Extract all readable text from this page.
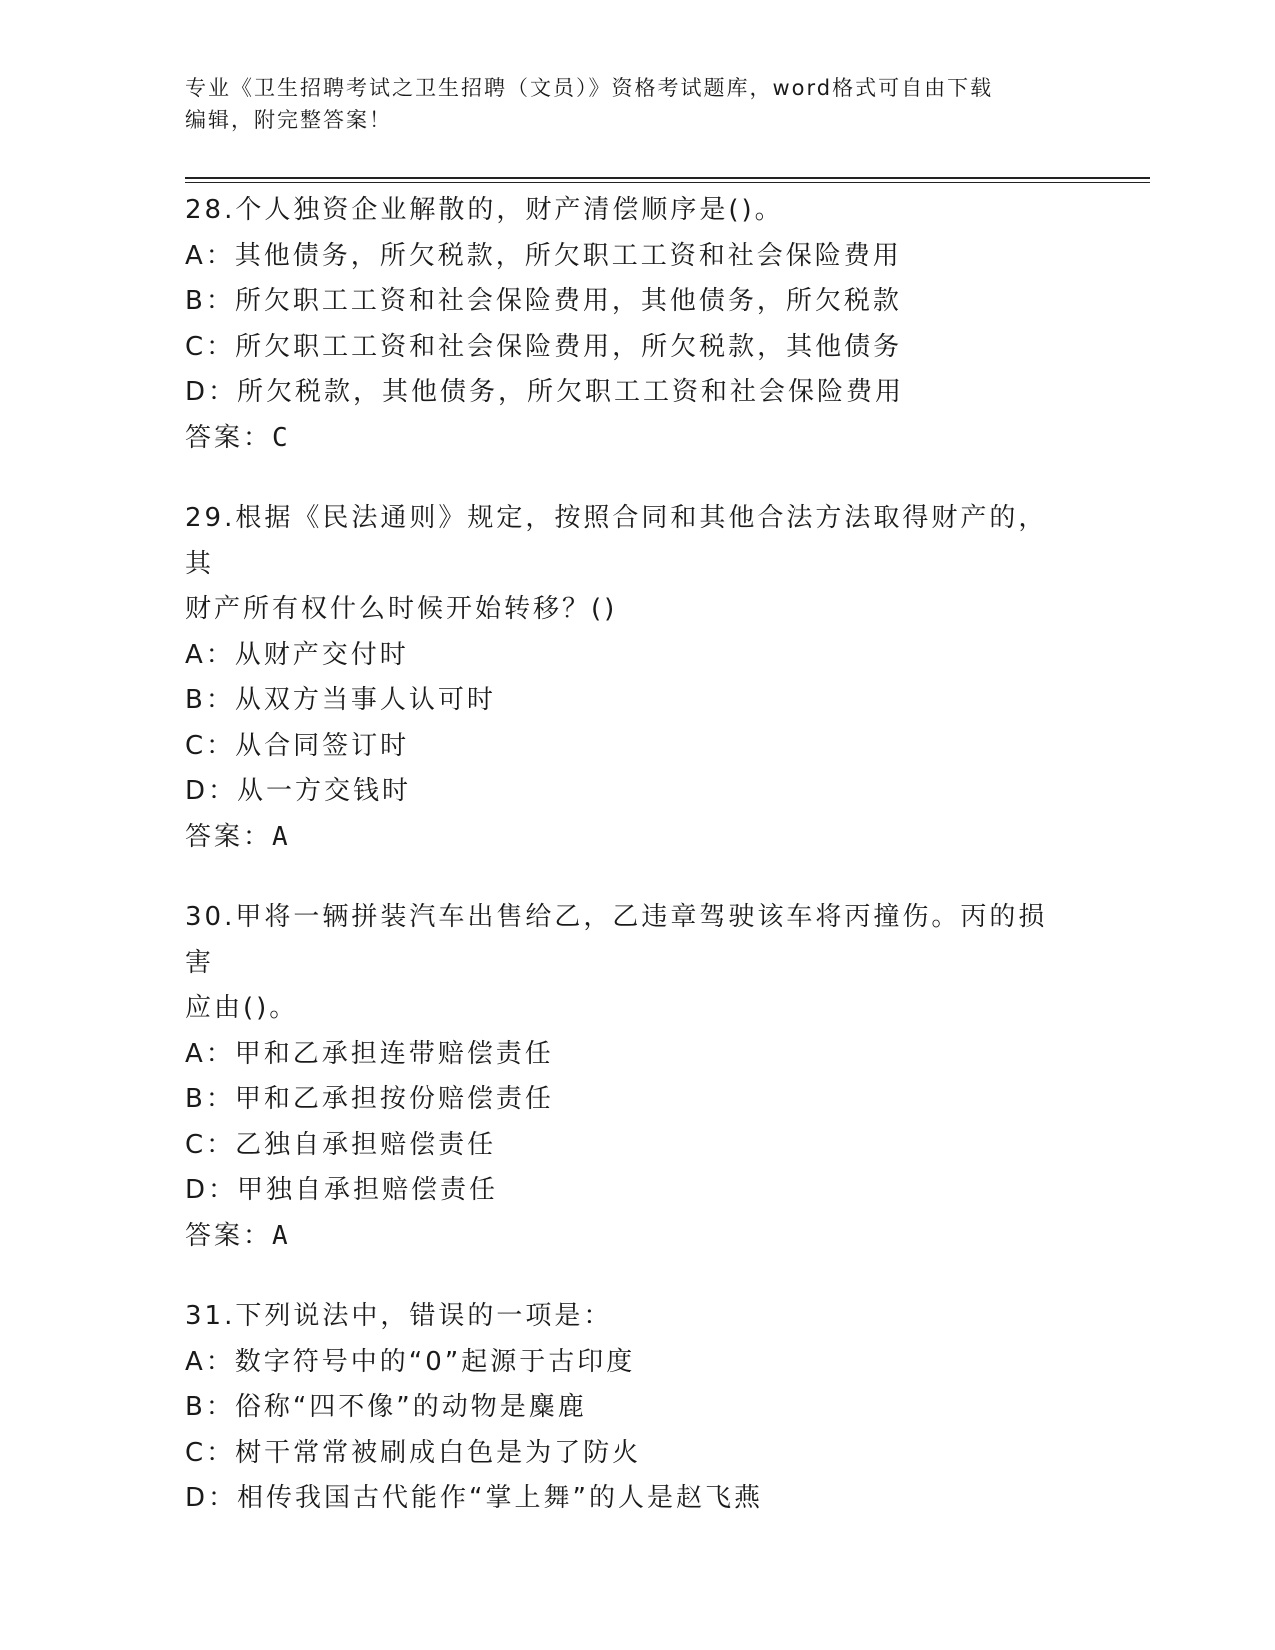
专业《卫生招聘考试之卫生招聘（文员）》资格考试题库，word格式可自由下载
编辑，附完整答案！
28.个人独资企业解散的，财产清偿顺序是()。
A：其他债务，所欠税款，所欠职工工资和社会保险费用
B：所欠职工工资和社会保险费用，其他债务，所欠税款
C：所欠职工工资和社会保险费用，所欠税款，其他债务
D：所欠税款，其他债务，所欠职工工资和社会保险费用
答案：C
29.根据《民法通则》规定，按照合同和其他合法方法取得财产的，其
财产所有权什么时候开始转移？()
A：从财产交付时
B：从双方当事人认可时
C：从合同签订时
D：从一方交钱时
答案：A
30.甲将一辆拼装汽车出售给乙，乙违章驾驶该车将丙撞伤。丙的损害
应由()。
A：甲和乙承担连带赔偿责任
B：甲和乙承担按份赔偿责任
C：乙独自承担赔偿责任
D：甲独自承担赔偿责任
答案：A
31.下列说法中，错误的一项是：
A：数字符号中的“0”起源于古印度
B：俗称“四不像”的动物是麋鹿
C：树干常常被刷成白色是为了防火
D：相传我国古代能作“掌上舞”的人是赵飞燕
